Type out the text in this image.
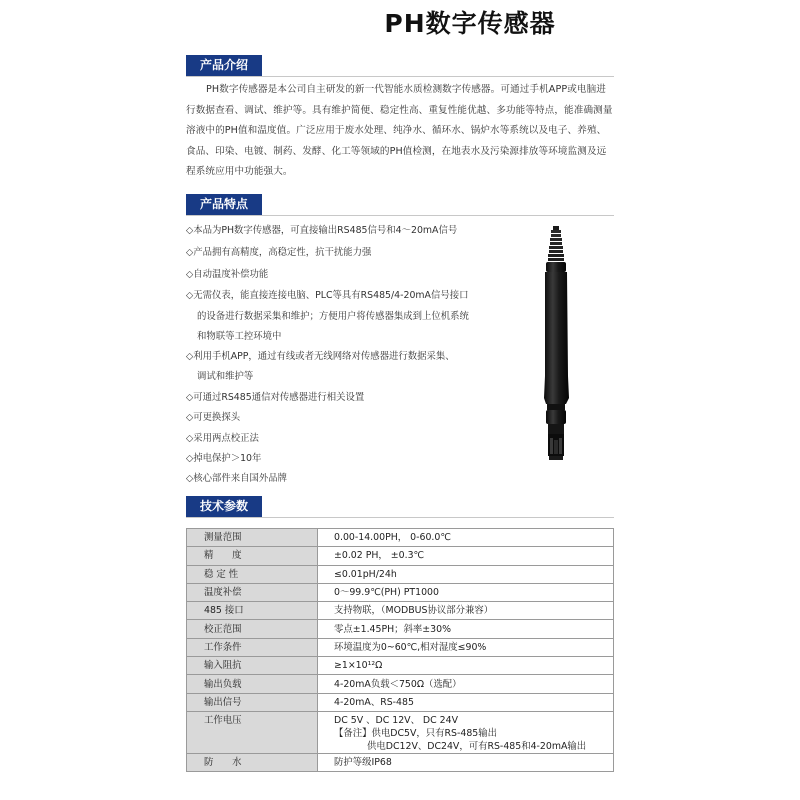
PH数字传感器
产品介绍
PH数字传感器是本公司自主研发的新一代智能水质检测数字传感器。可通过手机APP或电脑进行数据查看、调试、维护等。具有维护简便、稳定性高、重复性能优越、多功能等特点，能准确测量溶液中的PH值和温度值。广泛应用于废水处理、纯净水、循环水、锅炉水等系统以及电子、养殖、食品、印染、电镀、制药、发酵、化工等领域的PH值检测，在地表水及污染源排放等环境监测及远程系统应用中功能强大。
产品特点
◇本品为PH数字传感器，可直接输出RS485信号和4～20mA信号
◇产品拥有高精度，高稳定性，抗干扰能力强
◇自动温度补偿功能
◇无需仪表，能直接连接电脑、PLC等具有RS485/4-20mA信号接口
的设备进行数据采集和维护；方便用户将传感器集成到上位机系统
和物联等工控环境中
◇利用手机APP，通过有线或者无线网络对传感器进行数据采集、
调试和维护等
◇可通过RS485通信对传感器进行相关设置
◇可更换探头
◇采用两点校正法
◇掉电保护＞10年
◇核心部件来自国外品牌
技术参数
测量范围	0.00-14.00PH， 0-60.0℃
精　　度	±0.02 PH， ±0.3℃
稳 定 性	≤0.01pH/24h
温度补偿	0～99.9℃(PH) PT1000
485 接口	支持物联，（MODBUS协议部分兼容）
校正范围	零点±1.45PH；斜率±30%
工作条件	环境温度为0~60℃,相对湿度≤90%
输入阻抗	≥1×10¹²Ω
输出负载	4-20mA负载＜750Ω（选配）
输出信号	4-20mA、RS-485
工作电压	DC 5V 、DC 12V、 DC 24V
【备注】供电DC5V，只有RS-485输出
供电DC12V、DC24V，可有RS-485和4-20mA输出

防　　水	防护等级IP68
